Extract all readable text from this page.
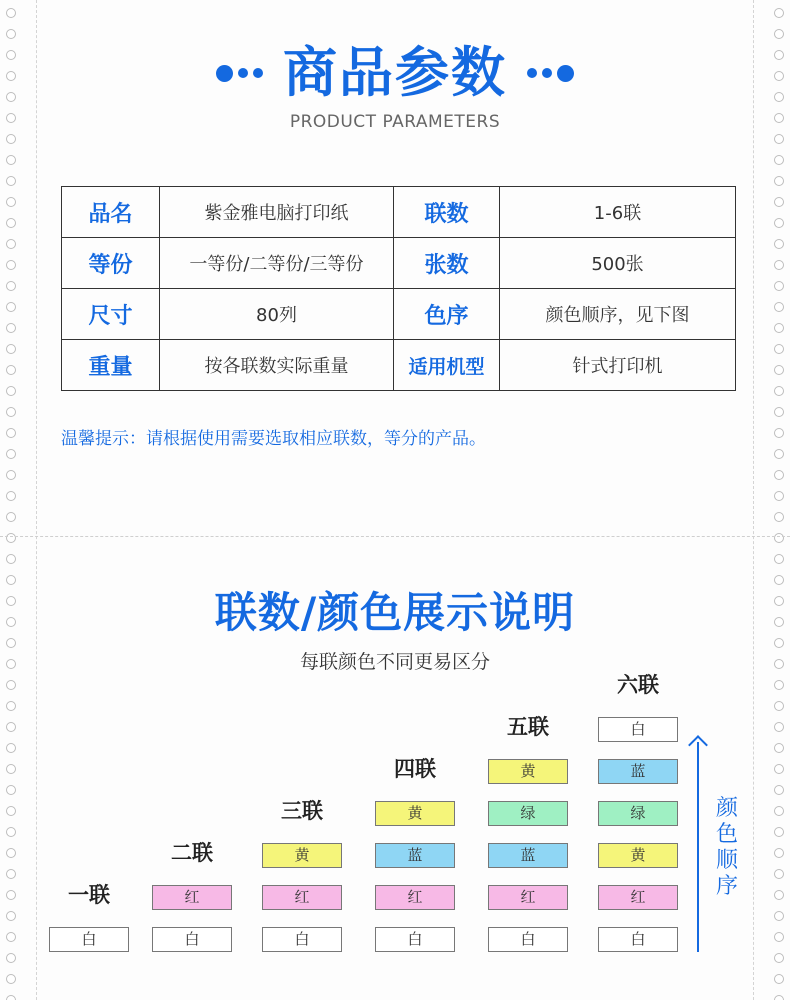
商品参数
PRODUCT PARAMETERS
品名	紫金雅电脑打印纸	联数	1-6联
等份	一等份/二等份/三等份	张数	500张
尺寸	80列	色序	颜色顺序，见下图
重量	按各联数实际重量	适用机型	针式打印机
温馨提示：请根据使用需要选取相应联数，等分的产品。
联数/颜色展示说明
每联颜色不同更易区分
白
一联
白
红
二联
白
红
黄
三联
白
红
蓝
黄
四联
白
红
蓝
绿
黄
五联
白
红
黄
绿
蓝
白
六联
颜色顺序
